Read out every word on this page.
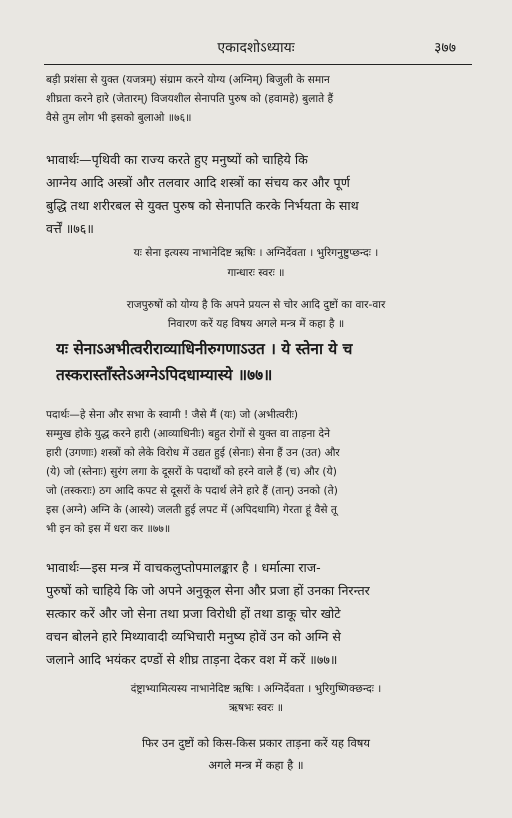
एकादशोऽध्यायः	३७७
बड़ी प्रशंसा से युक्त (यजत्रम्) संग्राम करने योग्य (अग्निम्) बिजुली के समान
शीघ्रता करने हारे (जेतारम्) विजयशील सेनापति पुरुष को (हवामहे) बुलाते हैं
वैसे तुम लोग भी इसको बुलाओ ॥७६॥
भावार्थः—पृथिवी का राज्य करते हुए मनुष्यों को चाहिये कि
आग्नेय आदि अस्त्रों और तलवार आदि शस्त्रों का संचय कर और पूर्ण
बुद्धि तथा शरीरबल से युक्त पुरुष को सेनापति करके निर्भयता के साथ
वर्त्तें ॥७६॥
यः सेना इत्यस्य नाभानेदिष्ट ऋषिः । अग्निर्देवता । भुरिगनुष्टुप्छन्दः ।
गान्धारः स्वरः ॥
राजपुरुषों को योग्य है कि अपने प्रयत्न से चोर आदि दुष्टों का वार-वार
निवारण करें यह विषय अगले मन्त्र में कहा है ॥
यः सेनाऽअभीत्वरीराव्याधिनीरुगणाऽउत । ये स्तेना ये च
तस्करास्ताँस्तेऽअग्नेऽपिदधाम्यास्ये ॥७७॥
पदार्थः—हे सेना और सभा के स्वामी ! जैसे मैं (यः) जो (अभीत्वरीः)
सम्मुख होके युद्ध करने हारी (आव्याधिनीः) बहुत रोगों से युक्त वा ताड़ना देने
हारी (उगणाः) शस्त्रों को लेके विरोध में उद्यत हुई (सेनाः) सेना हैं उन (उत) और
(ये) जो (स्तेनाः) सुरंग लगा के दूसरों के पदार्थों को हरने वाले हैं (च) और (ये)
जो (तस्कराः) ठग आदि कपट से दूसरों के पदार्थ लेने हारे हैं (तान्) उनको (ते)
इस (अग्ने) अग्नि के (आस्ये) जलती हुई लपट में (अपिदधामि) गेरता हूं वैसे तू
भी इन को इस में धरा कर ॥७७॥
भावार्थः—इस मन्त्र में वाचकलुप्तोपमालङ्कार है । धर्मात्मा राज-
पुरुषों को चाहिये कि जो अपने अनुकूल सेना और प्रजा हों उनका निरन्तर
सत्कार करें और जो सेना तथा प्रजा विरोधी हों तथा डाकू चोर खोटे
वचन बोलने हारे मिथ्यावादी व्यभिचारी मनुष्य होवें उन को अग्नि से
जलाने आदि भयंकर दण्डों से शीघ्र ताड़ना देकर वश में करें ॥७७॥
दंष्ट्राभ्यामित्यस्य नाभानेदिष्ट ऋषिः । अग्निर्देवता । भुरिगुष्णिक्छन्दः ।
ऋषभः स्वरः ॥
फिर उन दुष्टों को किस-किस प्रकार ताड़ना करें यह विषय
अगले मन्त्र में कहा है ॥
